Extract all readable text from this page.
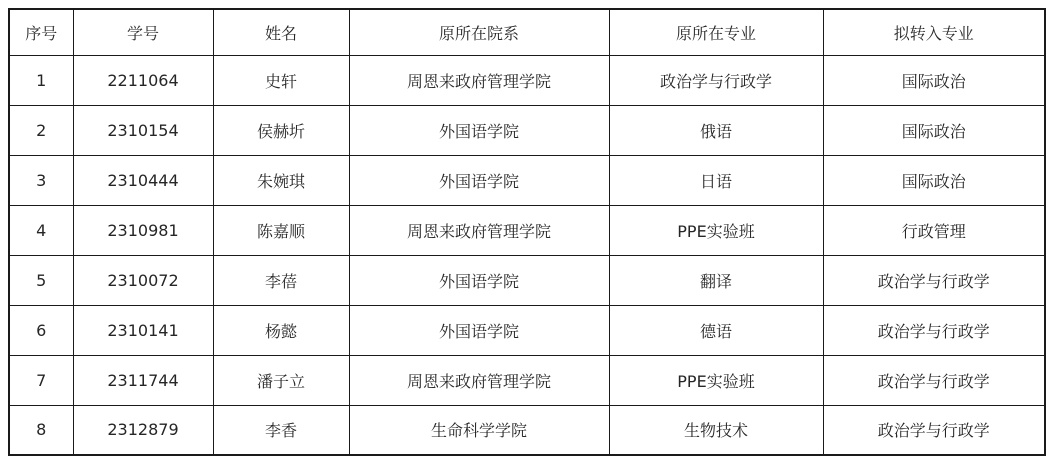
序号	学号	姓名	原所在院系	原所在专业	拟转入专业
1	2211064	史轩	周恩来政府管理学院	政治学与行政学	国际政治
2	2310154	侯赫圻	外国语学院	俄语	国际政治
3	2310444	朱婉琪	外国语学院	日语	国际政治
4	2310981	陈嘉顺	周恩来政府管理学院	PPE实验班	行政管理
5	2310072	李蓓	外国语学院	翻译	政治学与行政学
6	2310141	杨懿	外国语学院	德语	政治学与行政学
7	2311744	潘子立	周恩来政府管理学院	PPE实验班	政治学与行政学
8	2312879	李香	生命科学学院	生物技术	政治学与行政学
